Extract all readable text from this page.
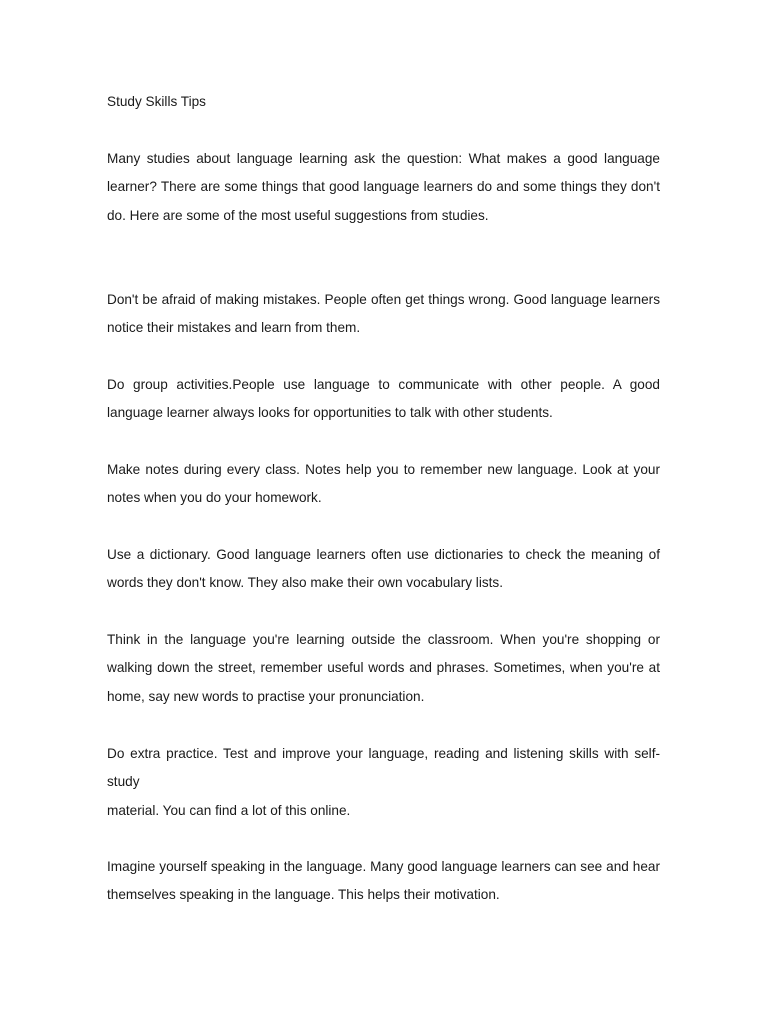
Study Skills Tips

Many studies about language learning ask the question: What makes a good language learner? There are some things that good language learners do and some things they don't do. Here are some of the most useful suggestions from studies.

Don't be afraid of making mistakes. People often get things wrong. Good language learners notice their mistakes and learn from them.

Do group activities.People use language to communicate with other people. A good language learner always looks for opportunities to talk with other students.

Make notes during every class. Notes help you to remember new language. Look at your notes when you do your homework.

Use a dictionary. Good language learners often use dictionaries to check the meaning of words they don't know. They also make their own vocabulary lists.

Think in the language you're learning outside the classroom. When you're shopping or walking down the street, remember useful words and phrases. Sometimes, when you're at home, say new words to practise your pronunciation.

Do extra practice. Test and improve your language, reading and listening skills with self-study
material. You can find a lot of this online.

Imagine yourself speaking in the language. Many good language learners can see and hear themselves speaking in the language. This helps their motivation.
